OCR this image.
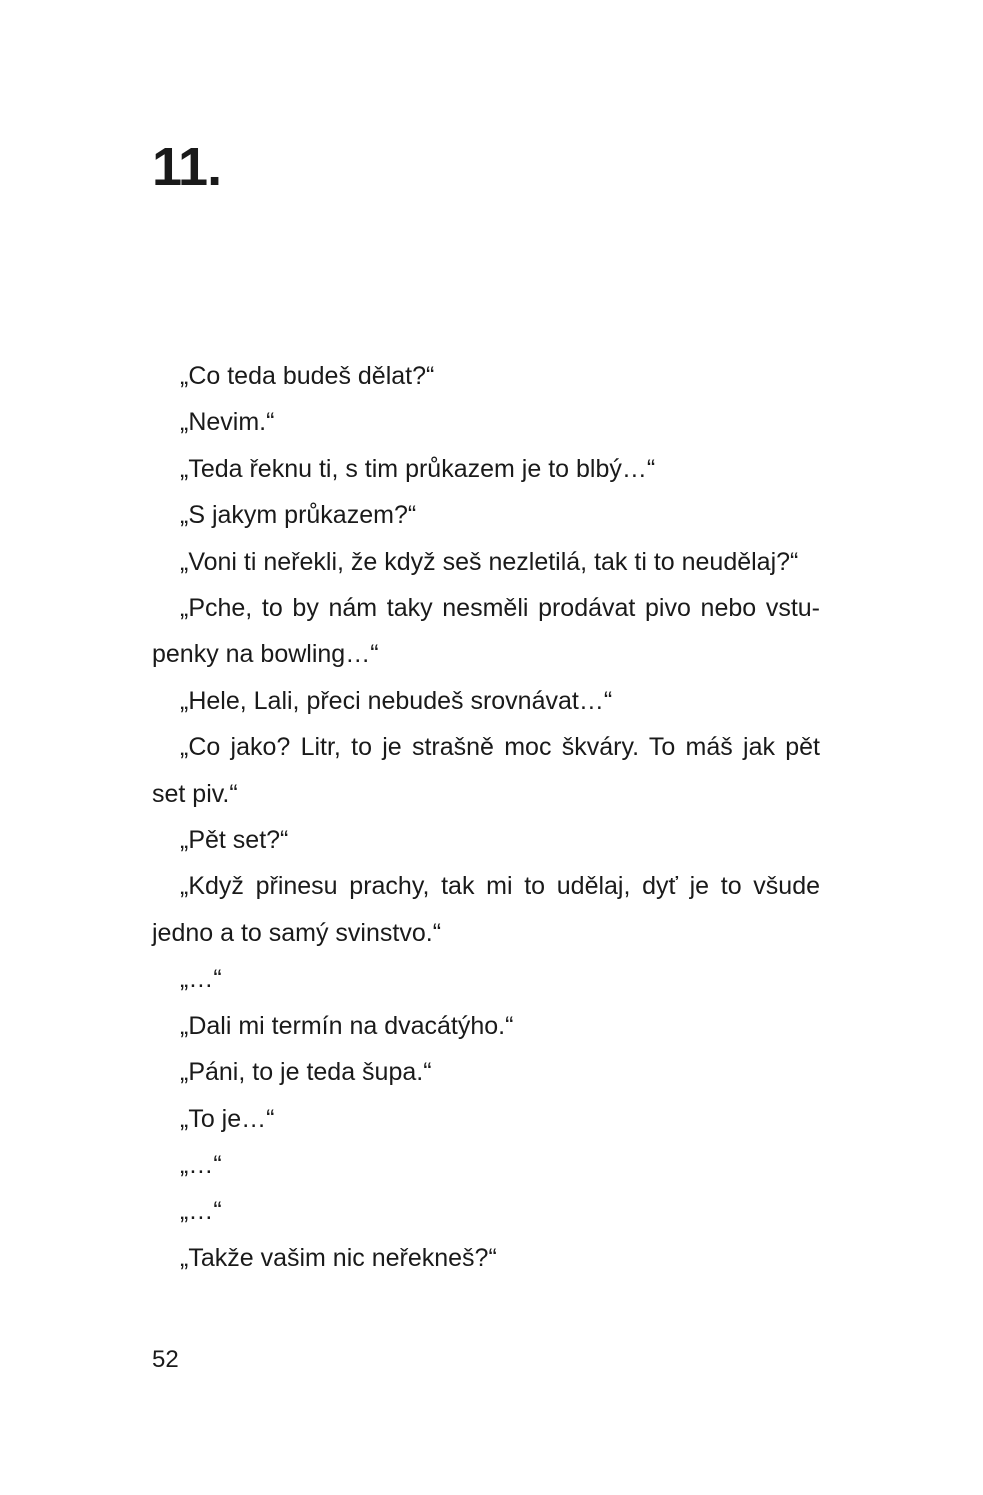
11.

„Co teda budeš dělat?“

„Nevim.“

„Teda řeknu ti, s tim průkazem je to blbý…“

„S jakym průkazem?“

„Voni ti neřekli, že když seš nezletilá, tak ti to neudělaj?“

„Pche, to by nám taky nesměli prodávat pivo nebo vstupenky na bowling…“

„Hele, Lali, přeci nebudeš srovnávat…“

„Co jako? Litr, to je strašně moc škváry. To máš jak pět set piv.“

„Pět set?“

„Když přinesu prachy, tak mi to udělaj, dyť je to všude jedno a to samý svinstvo.“

„…“

„Dali mi termín na dvacátýho.“

„Páni, to je teda šupa.“

„To je…“

„…“

„…“

„Takže vašim nic neřekneš?“

52
